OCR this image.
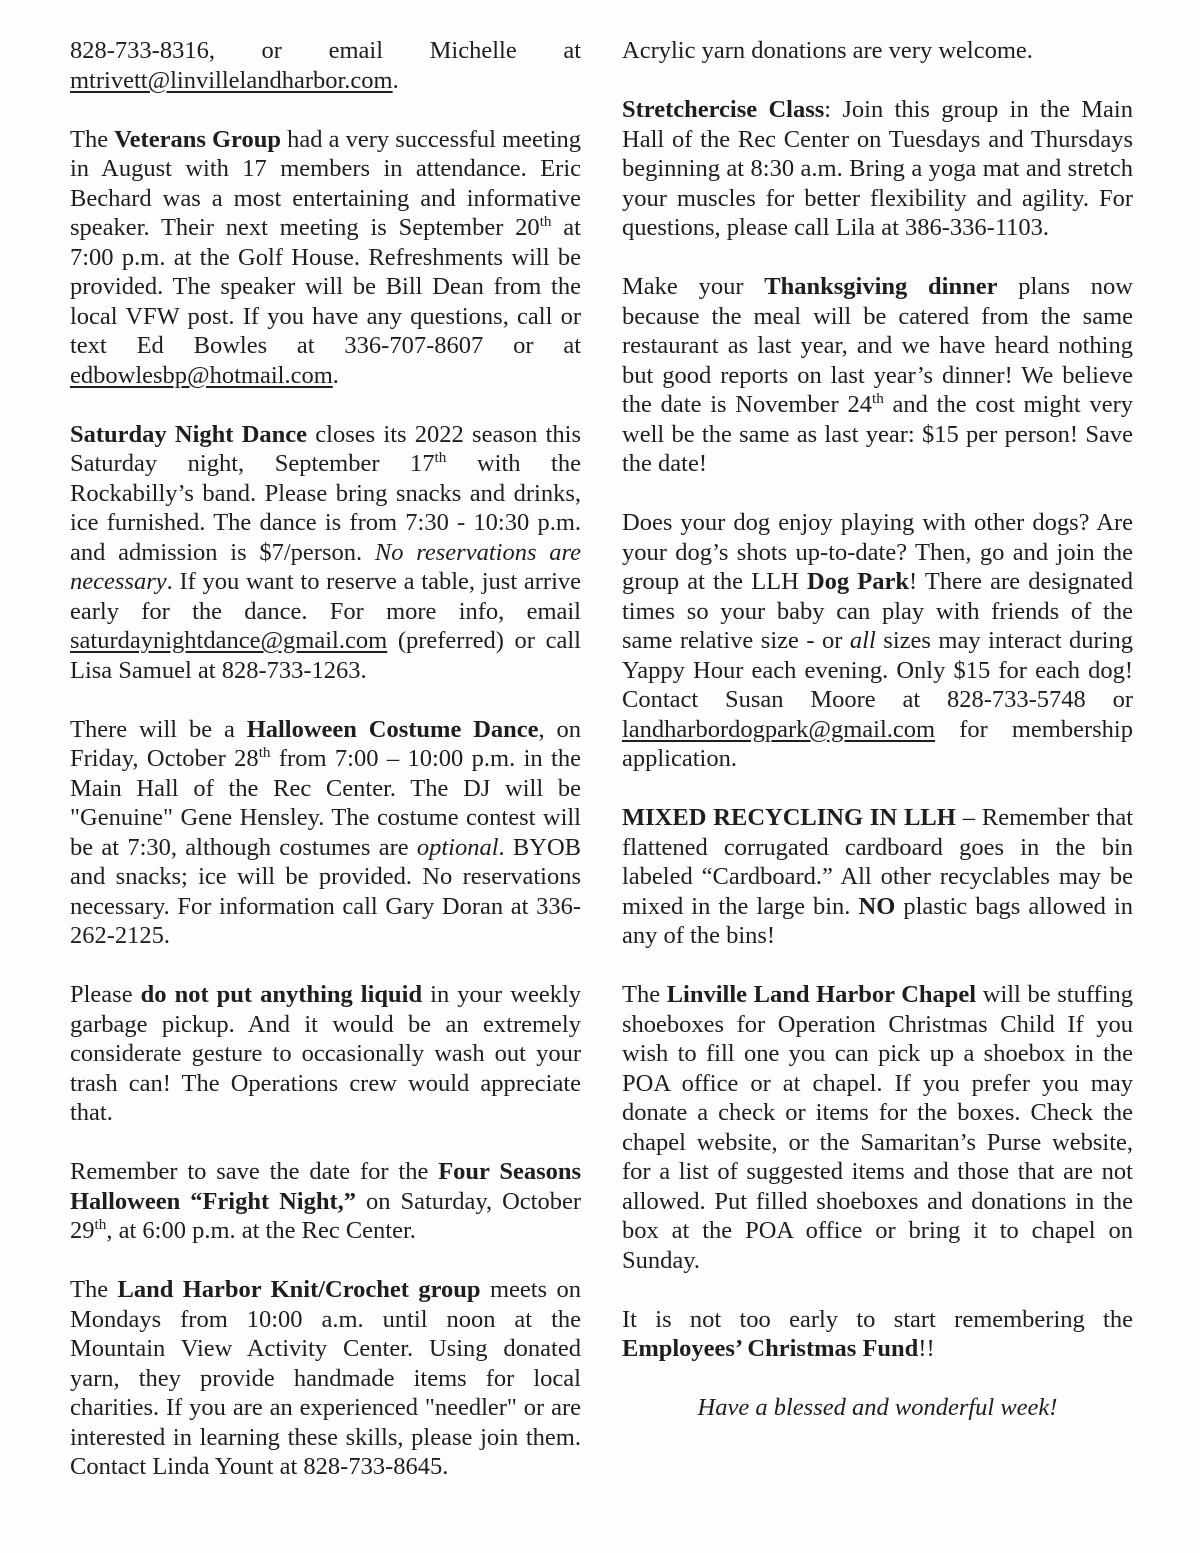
828-733-8316, or email Michelle at mtrivett@linvillelandharbor.com.

The Veterans Group had a very successful meeting in August with 17 members in attendance. Eric Bechard was a most entertaining and informative speaker. Their next meeting is September 20th at 7:00 p.m. at the Golf House. Refreshments will be provided. The speaker will be Bill Dean from the local VFW post. If you have any questions, call or text Ed Bowles at 336-707-8607 or at edbowlesbp@hotmail.com.

Saturday Night Dance closes its 2022 season this Saturday night, September 17th with the Rockabilly’s band. Please bring snacks and drinks, ice furnished. The dance is from 7:30 - 10:30 p.m. and admission is $7/person. No reservations are necessary. If you want to reserve a table, just arrive early for the dance. For more info, email saturdaynightdance@gmail.com (preferred) or call Lisa Samuel at 828-733-1263.

There will be a Halloween Costume Dance, on Friday, October 28th from 7:00 – 10:00 p.m. in the Main Hall of the Rec Center. The DJ will be "Genuine" Gene Hensley. The costume contest will be at 7:30, although costumes are optional. BYOB and snacks; ice will be provided. No reservations necessary. For information call Gary Doran at 336-262-2125.

Please do not put anything liquid in your weekly garbage pickup. And it would be an extremely considerate gesture to occasionally wash out your trash can! The Operations crew would appreciate that.

Remember to save the date for the Four Seasons Halloween “Fright Night,” on Saturday, October 29th, at 6:00 p.m. at the Rec Center.

The Land Harbor Knit/Crochet group meets on Mondays from 10:00 a.m. until noon at the Mountain View Activity Center. Using donated yarn, they provide handmade items for local charities. If you are an experienced "needler" or are interested in learning these skills, please join them. Contact Linda Yount at 828-733-8645.

Acrylic yarn donations are very welcome.

Stretchercise Class: Join this group in the Main Hall of the Rec Center on Tuesdays and Thursdays beginning at 8:30 a.m. Bring a yoga mat and stretch your muscles for better flexibility and agility. For questions, please call Lila at 386-336-1103.

Make your Thanksgiving dinner plans now because the meal will be catered from the same restaurant as last year, and we have heard nothing but good reports on last year’s dinner! We believe the date is November 24th and the cost might very well be the same as last year: $15 per person! Save the date!

Does your dog enjoy playing with other dogs? Are your dog’s shots up-to-date? Then, go and join the group at the LLH Dog Park! There are designated times so your baby can play with friends of the same relative size - or all sizes may interact during Yappy Hour each evening. Only $15 for each dog! Contact Susan Moore at 828-733-5748 or landharbordogpark@gmail.com for membership application.

MIXED RECYCLING IN LLH – Remember that flattened corrugated cardboard goes in the bin labeled “Cardboard.” All other recyclables may be mixed in the large bin. NO plastic bags allowed in any of the bins!

The Linville Land Harbor Chapel will be stuffing shoeboxes for Operation Christmas Child If you wish to fill one you can pick up a shoebox in the POA office or at chapel. If you prefer you may donate a check or items for the boxes. Check the chapel website, or the Samaritan’s Purse website, for a list of suggested items and those that are not allowed. Put filled shoeboxes and donations in the box at the POA office or bring it to chapel on Sunday.

It is not too early to start remembering the Employees’ Christmas Fund!!

Have a blessed and wonderful week!
